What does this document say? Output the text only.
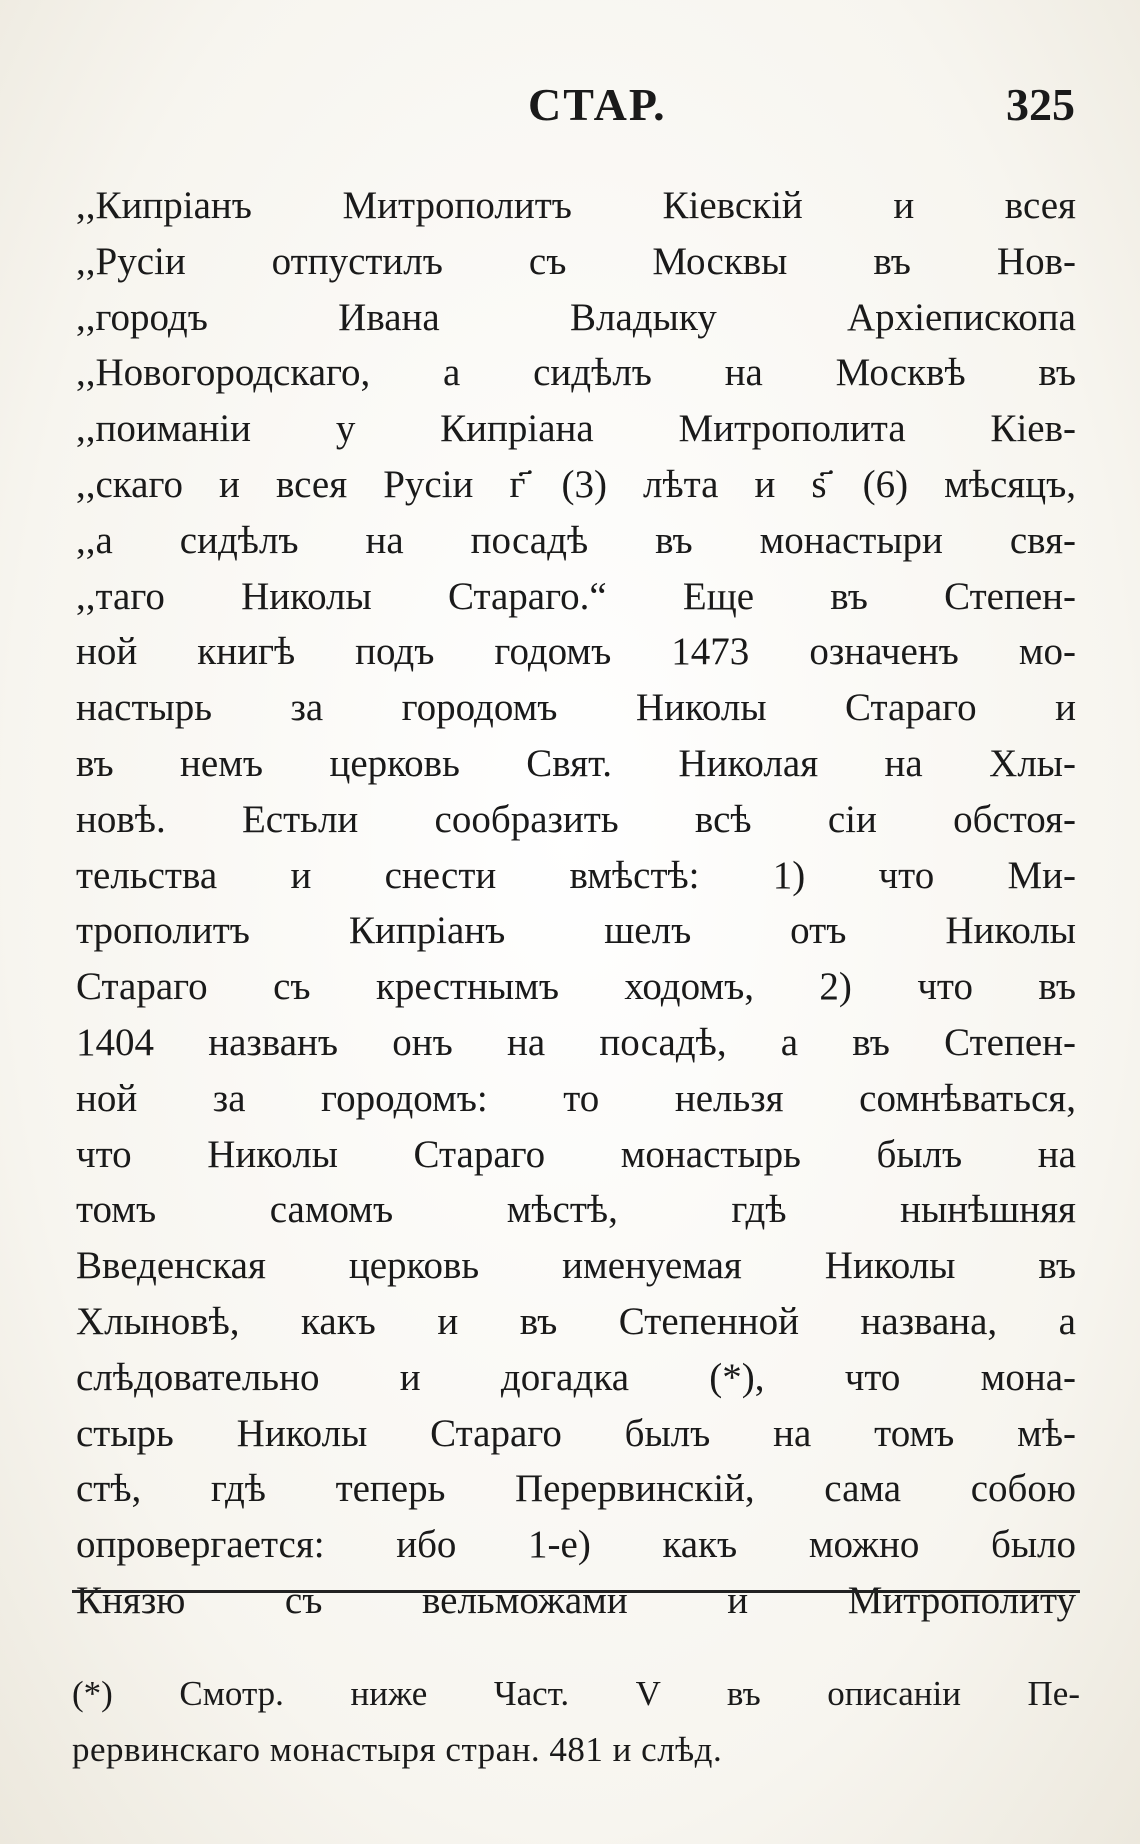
СТАР.	325
,,Кипріанъ Митрополитъ Кіевскій и всея
,,Русіи отпустилъ съ Москвы въ Нов-
,,городъ Ивана Владыку Архіепископа
,,Новогородскаго, а сидѣлъ на Москвѣ въ
,,поиманіи у Кипріана Митрополита Кіев-
,,скаго и всея Русіи г҃ (3) лѣта и ѕ҃ (6) мѣсяцъ,
,,а сидѣлъ на посадѣ въ монастыри свя-
,,таго Николы Стараго.“ Еще въ Степен-
ной книгѣ подъ годомъ 1473 означенъ мо-
настырь за городомъ Николы Стараго и
въ немъ церковь Свят. Николая на Хлы-
новѣ. Естьли сообразить всѣ сіи обстоя-
тельства и снести вмѣстѣ: 1) что Ми-
трополитъ Кипріанъ шелъ отъ Николы
Стараго съ крестнымъ ходомъ, 2) что въ
1404 названъ онъ на посадѣ, а въ Степен-
ной за городомъ: то нельзя сомнѣваться,
что Николы Стараго монастырь былъ на
томъ самомъ мѣстѣ, гдѣ нынѣшняя
Введенская церковь именуемая Николы въ
Хлыновѣ, какъ и въ Степенной названа, а
слѣдовательно и догадка (*), что мона-
стырь Николы Стараго былъ на томъ мѣ-
стѣ, гдѣ теперь Перервинскій, сама собою
опровергается: ибо 1-е) какъ можно было
Князю съ вельможами и Митрополиту
(*) Смотр. ниже Част. V въ описаніи Пе-
рервинскаго монастыря стран. 481 и слѣд.
